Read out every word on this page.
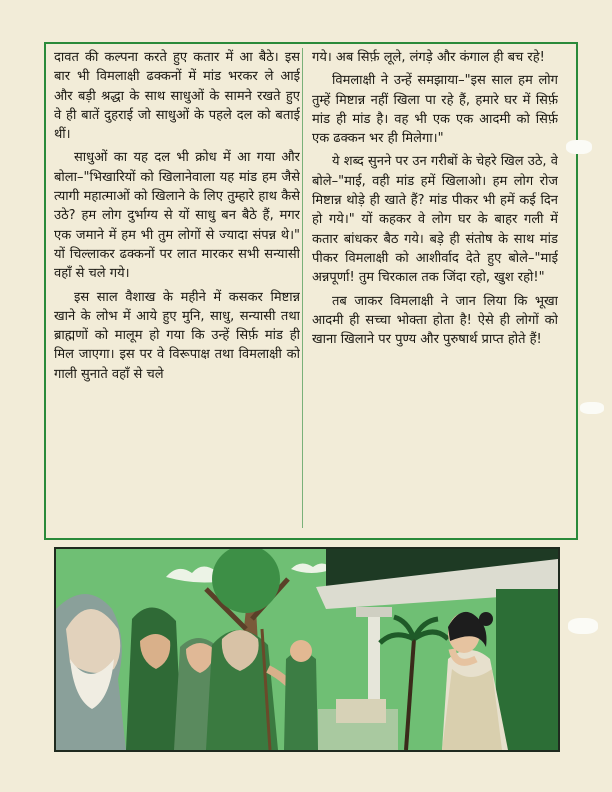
दावत की कल्पना करते हुए कतार में आ बैठे। इस बार भी विमलाक्षी ढक्कनों में मांड भरकर ले आई और बड़ी श्रद्धा के साथ साधुओं के सामने रखते हुए वे ही बातें दुहराई जो साधुओं के पहले दल को बताई थीं।

साधुओं का यह दल भी क्रोध में आ गया और बोला–"भिखारियों को खिलानेवाला यह मांड हम जैसे त्यागी महात्माओं को खिलाने के लिए तुम्हारे हाथ कैसे उठे? हम लोग दुर्भाग्य से यों साधु बन बैठे हैं, मगर एक जमाने में हम भी तुम लोगों से ज्यादा संपन्न थे।" यों चिल्लाकर ढक्कनों पर लात मारकर सभी सन्यासी वहाँ से चले गये।

इस साल वैशाख के महीने में कसकर मिष्टान्न खाने के लोभ में आये हुए मुनि, साधु, सन्यासी तथा ब्राह्मणों को मालूम हो गया कि उन्हें सिर्फ़ मांड ही मिल जाएगा। इस पर वे विरूपाक्ष तथा विमलाक्षी को गाली सुनाते वहाँ से चले

गये। अब सिर्फ़ लूले, लंगड़े और कंगाल ही बच रहे!

विमलाक्षी ने उन्हें समझाया–"इस साल हम लोग तुम्हें मिष्टान्न नहीं खिला पा रहे हैं, हमारे घर में सिर्फ़ मांड ही मांड है। वह भी एक एक आदमी को सिर्फ़ एक ढक्कन भर ही मिलेगा।"

ये शब्द सुनने पर उन गरीबों के चेहरे खिल उठे, वे बोले–"माई, वही मांड हमें खिलाओ। हम लोग रोज मिष्टान्न थोड़े ही खाते हैं? मांड पीकर भी हमें कई दिन हो गये।" यों कहकर वे लोग घर के बाहर गली में कतार बांधकर बैठ गये। बड़े ही संतोष के साथ मांड पीकर विमलाक्षी को आशीर्वाद देते हुए बोले–"माई अन्नपूर्णा! तुम चिरकाल तक जिंदा रहो, खुश रहो!"

तब जाकर विमलाक्षी ने जान लिया कि भूखा आदमी ही सच्चा भोक्ता होता है! ऐसे ही लोगों को खाना खिलाने पर पुण्य और पुरुषार्थ प्राप्त होते हैं!
